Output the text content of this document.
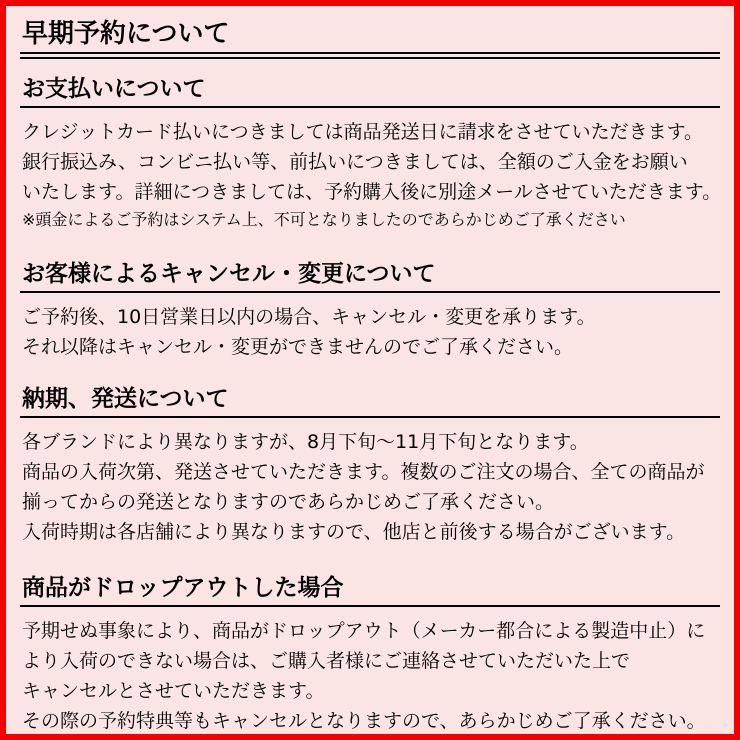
早期予約について
お支払いについて

クレジットカード払いにつきましては商品発送日に請求をさせていただきます。

銀行振込み、コンビニ払い等、前払いにつきましては、全額のご入金をお願い

いたします。詳細につきましては、予約購入後に別途メールさせていただきます。

※頭金によるご予約はシステム上、不可となりましたのであらかじめご了承ください

お客様によるキャンセル・変更について

ご予約後、10日営業日以内の場合、キャンセル・変更を承ります。

それ以降はキャンセル・変更ができませんのでご了承ください。

納期、発送について

各ブランドにより異なりますが、8月下旬～11月下旬となります。

商品の入荷次第、発送させていただきます。複数のご注文の場合、全ての商品が

揃ってからの発送となりますのであらかじめご了承ください。

入荷時期は各店舗により異なりますので、他店と前後する場合がございます。

商品がドロップアウトした場合

予期せぬ事象により、商品がドロップアウト（メーカー都合による製造中止）に

より入荷のできない場合は、ご購入者様にご連絡させていただいた上で

キャンセルとさせていただきます。

その際の予約特典等もキャンセルとなりますので、あらかじめご了承ください。
